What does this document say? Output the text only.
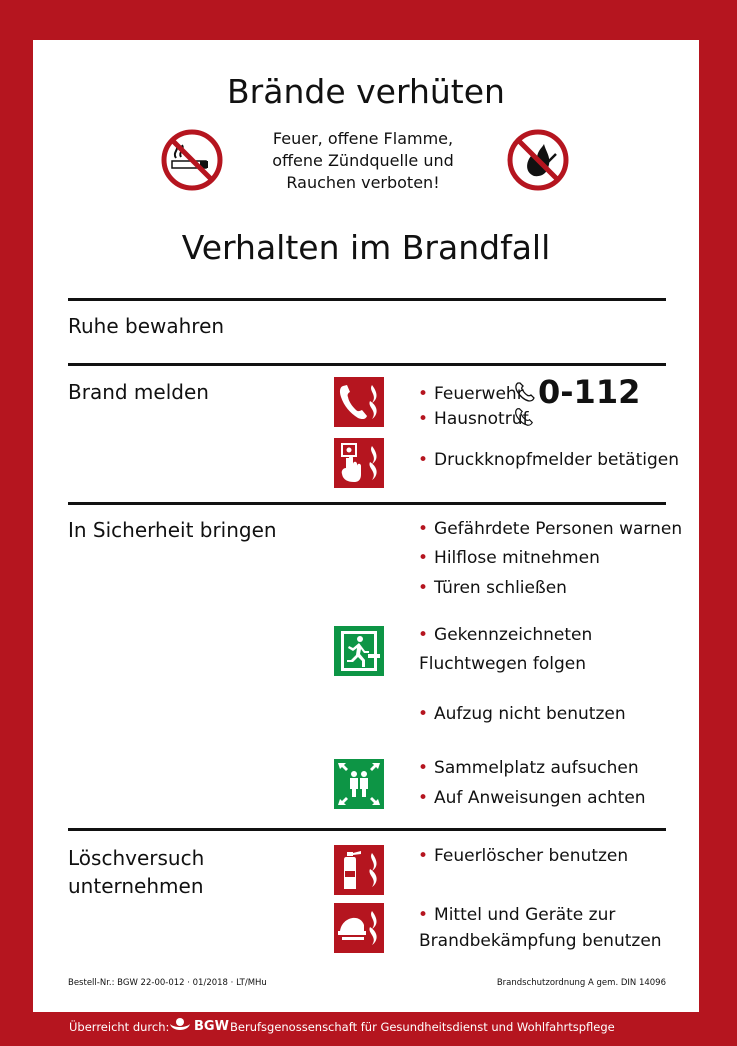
Brände verhüten
Feuer, offene Flamme,
offene Zündquelle und
Rauchen verboten!
Verhalten im Brandfall
Ruhe bewahren
Brand melden	• Feuerwehr 0-112
• Hausnotruf
• Druckknopfmelder betätigen
In Sicherheit bringen	• Gefährdete Personen warnen
• Hilflose mitnehmen
• Türen schließen
• Gekennzeichneten
Fluchtwegen folgen
• Aufzug nicht benutzen
• Sammelplatz aufsuchen
• Auf Anweisungen achten
Löschversuch
unternehmen
• Feuerlöscher benutzen
• Mittel und Geräte zur
Brandbekämpfung benutzen
Bestell-Nr.: BGW 22-00-012 · 01/2018 · LT/MHu	Brandschutzordnung A gem. DIN 14096
Überreicht durch: BGW Berufsgenossenschaft für Gesundheitsdienst und Wohlfahrtspflege
